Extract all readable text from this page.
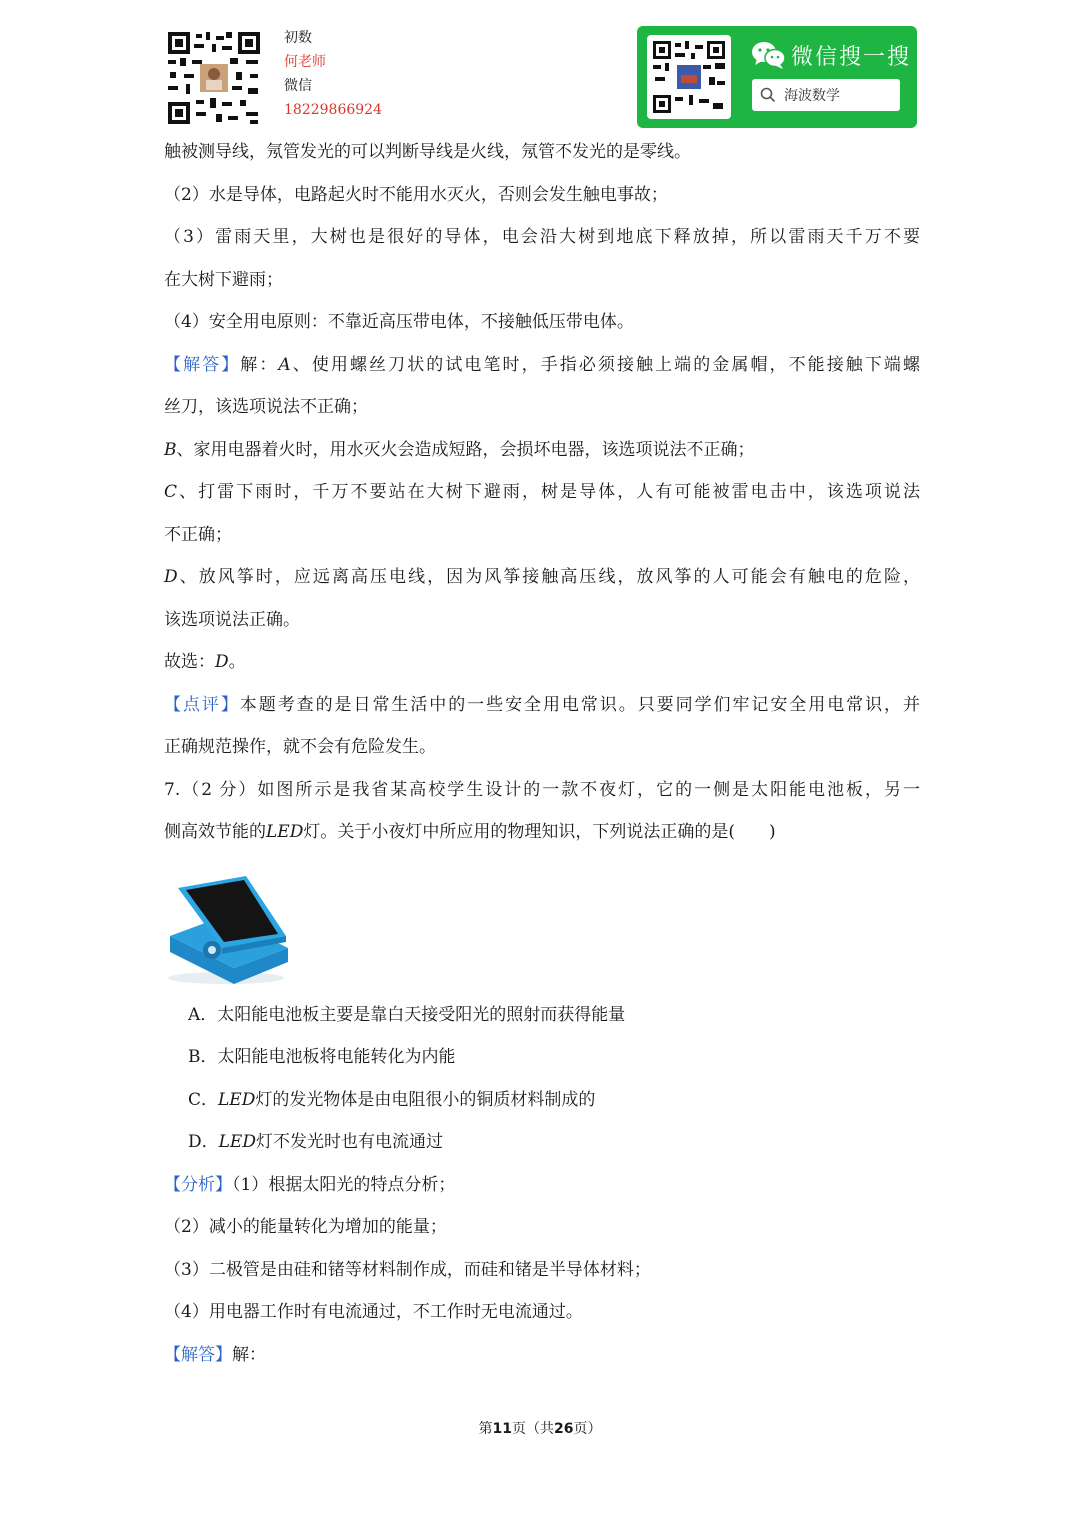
初数
何老师
微信
18229866924
微信搜一搜
海波数学
触被测导线，氖管发光的可以判断导线是火线，氖管不发光的是零线。
（2）水是导体，电路起火时不能用水灭火，否则会发生触电事故；
（3）雷雨天里，大树也是很好的导体，电会沿大树到地底下释放掉，所以雷雨天千万不要
在大树下避雨；
（4）安全用电原则：不靠近高压带电体，不接触低压带电体。
【解答】解：A、使用螺丝刀状的试电笔时，手指必须接触上端的金属帽，不能接触下端螺
丝刀，该选项说法不正确；
B、家用电器着火时，用水灭火会造成短路，会损坏电器，该选项说法不正确；
C、打雷下雨时，千万不要站在大树下避雨，树是导体，人有可能被雷电击中，该选项说法
不正确；
D、放风筝时，应远离高压电线，因为风筝接触高压线，放风筝的人可能会有触电的危险，
该选项说法正确。
故选：D。
【点评】本题考查的是日常生活中的一些安全用电常识。只要同学们牢记安全用电常识，并
正确规范操作，就不会有危险发生。
7.（2 分）如图所示是我省某高校学生设计的一款不夜灯，它的一侧是太阳能电池板，另一
侧高效节能的LED灯。关于小夜灯中所应用的物理知识，下列说法正确的是(　　)
A．太阳能电池板主要是靠白天接受阳光的照射而获得能量
B．太阳能电池板将电能转化为内能
C．LED灯的发光物体是由电阻很小的铜质材料制成的
D．LED灯不发光时也有电流通过
【分析】（1）根据太阳光的特点分析；
（2）减小的能量转化为增加的能量；
（3）二极管是由硅和锗等材料制作成，而硅和锗是半导体材料；
（4）用电器工作时有电流通过，不工作时无电流通过。
【解答】解：
第11页（共26页）
